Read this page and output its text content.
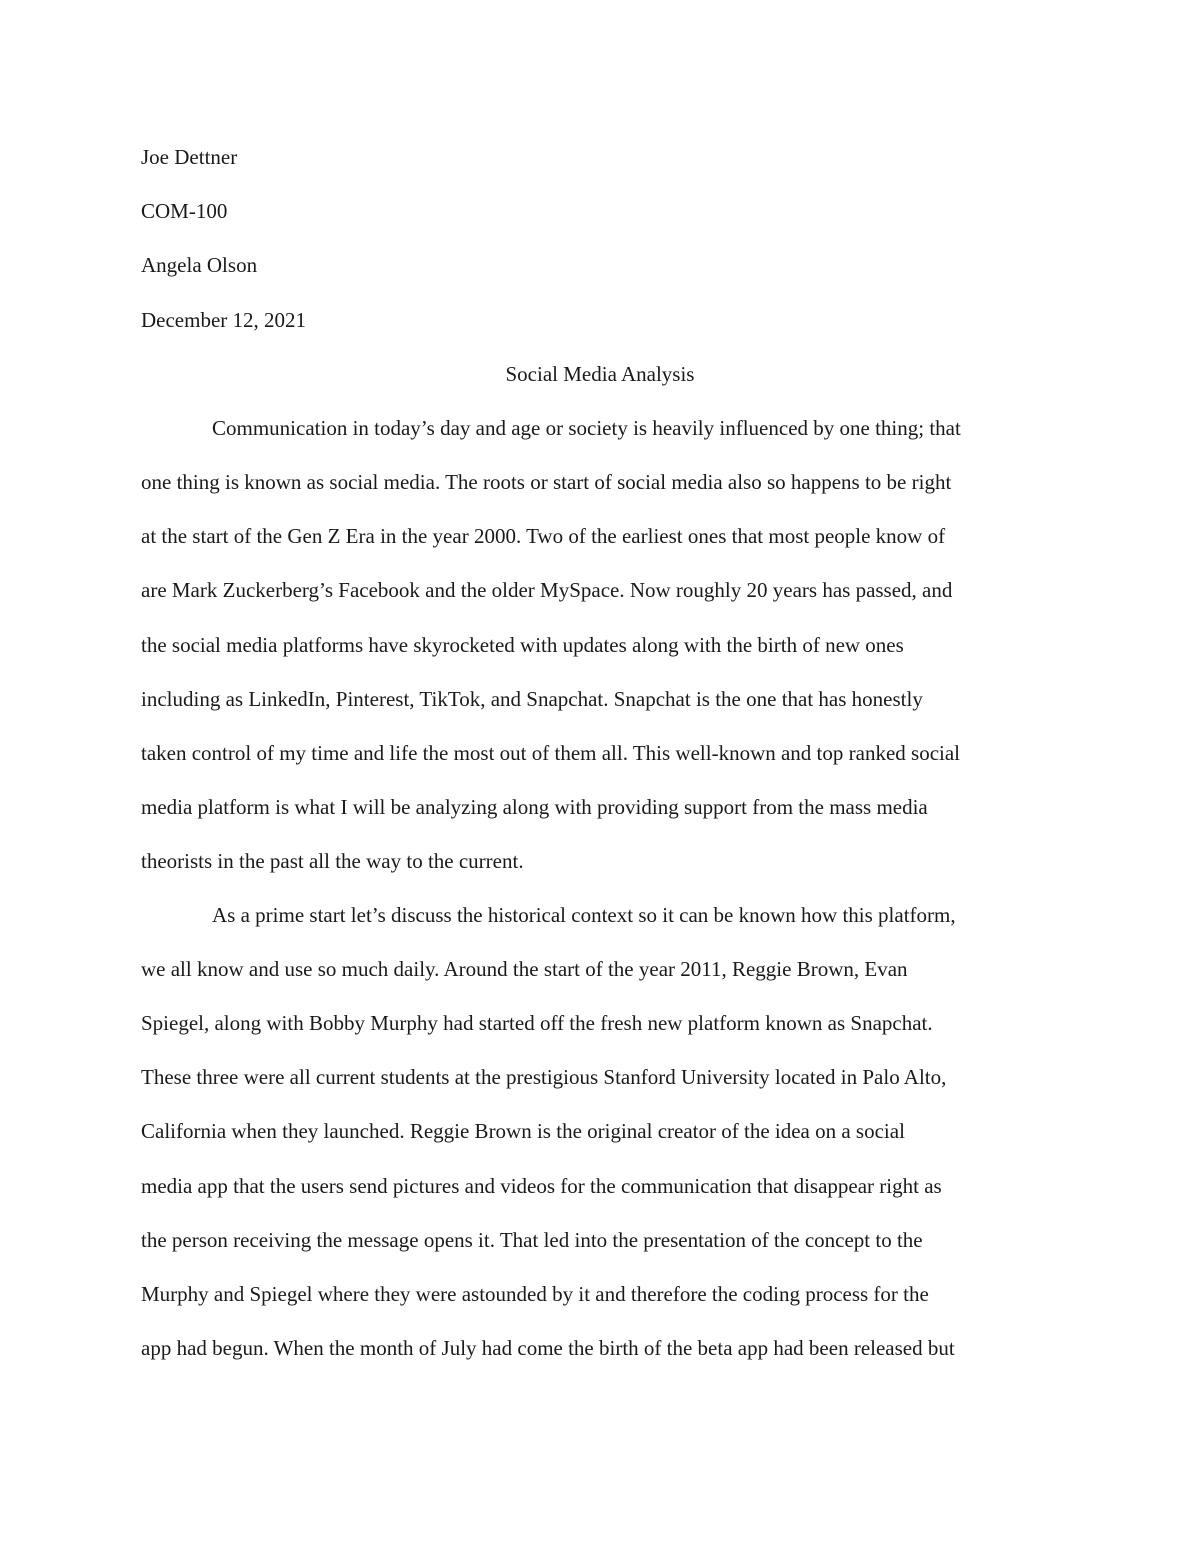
Joe Dettner
COM-100
Angela Olson
December 12, 2021
Social Media Analysis
Communication in today’s day and age or society is heavily influenced by one thing; that
one thing is known as social media. The roots or start of social media also so happens to be right
at the start of the Gen Z Era in the year 2000. Two of the earliest ones that most people know of
are Mark Zuckerberg’s Facebook and the older MySpace. Now roughly 20 years has passed, and
the social media platforms have skyrocketed with updates along with the birth of new ones
including as LinkedIn, Pinterest, TikTok, and Snapchat. Snapchat is the one that has honestly
taken control of my time and life the most out of them all. This well-known and top ranked social
media platform is what I will be analyzing along with providing support from the mass media
theorists in the past all the way to the current.
As a prime start let’s discuss the historical context so it can be known how this platform,
we all know and use so much daily. Around the start of the year 2011, Reggie Brown, Evan
Spiegel, along with Bobby Murphy had started off the fresh new platform known as Snapchat.
These three were all current students at the prestigious Stanford University located in Palo Alto,
California when they launched. Reggie Brown is the original creator of the idea on a social
media app that the users send pictures and videos for the communication that disappear right as
the person receiving the message opens it. That led into the presentation of the concept to the
Murphy and Spiegel where they were astounded by it and therefore the coding process for the
app had begun. When the month of July had come the birth of the beta app had been released but
